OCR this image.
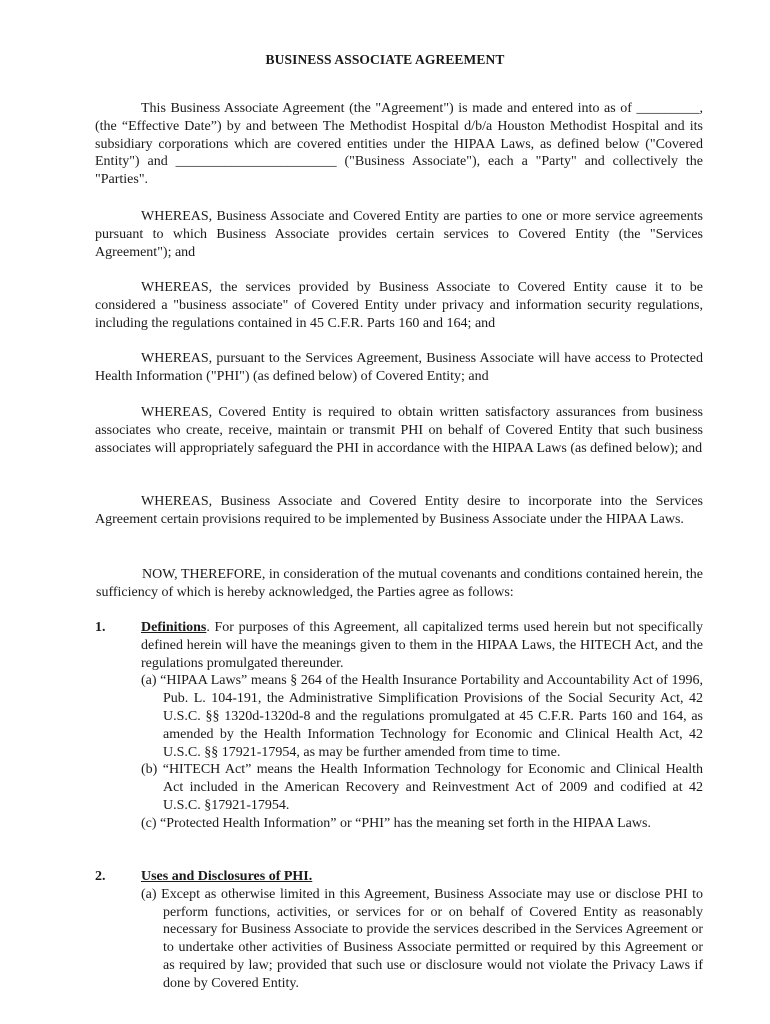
BUSINESS ASSOCIATE AGREEMENT

This Business Associate Agreement (the "Agreement") is made and entered into as of _________, (the “Effective Date”) by and between The Methodist Hospital d/b/a Houston Methodist Hospital and its subsidiary corporations which are covered entities under the HIPAA Laws, as defined below ("Covered Entity") and _______________________ ("Business Associate"), each a "Party" and collectively the "Parties".

WHEREAS, Business Associate and Covered Entity are parties to one or more service agreements pursuant to which Business Associate provides certain services to Covered Entity (the "Services Agreement"); and

WHEREAS, the services provided by Business Associate to Covered Entity cause it to be considered a "business associate" of Covered Entity under privacy and information security regulations, including the regulations contained in 45 C.F.R. Parts 160 and 164; and

WHEREAS, pursuant to the Services Agreement, Business Associate will have access to Protected Health Information ("PHI") (as defined below) of Covered Entity; and

WHEREAS, Covered Entity is required to obtain written satisfactory assurances from business associates who create, receive, maintain or transmit PHI on behalf of Covered Entity that such business associates will appropriately safeguard the PHI in accordance with the HIPAA Laws (as defined below); and

WHEREAS, Business Associate and Covered Entity desire to incorporate into the Services Agreement certain provisions required to be implemented by Business Associate under the HIPAA Laws.

NOW, THEREFORE, in consideration of the mutual covenants and conditions contained herein, the sufficiency of which is hereby acknowledged, the Parties agree as follows:

1.	Definitions. For purposes of this Agreement, all capitalized terms used herein but not specifically defined herein will have the meanings given to them in the HIPAA Laws, the HITECH Act, and the regulations promulgated thereunder.
(a) “HIPAA Laws” means § 264 of the Health Insurance Portability and Accountability Act of 1996, Pub. L. 104-191, the Administrative Simplification Provisions of the Social Security Act, 42 U.S.C. §§ 1320d-1320d-8 and the regulations promulgated at 45 C.F.R. Parts 160 and 164, as amended by the Health Information Technology for Economic and Clinical Health Act, 42 U.S.C. §§ 17921-17954, as may be further amended from time to time.
(b) “HITECH Act” means the Health Information Technology for Economic and Clinical Health Act included in the American Recovery and Reinvestment Act of 2009 and codified at 42 U.S.C. §17921-17954.
(c) “Protected Health Information” or “PHI” has the meaning set forth in the HIPAA Laws.
2.	Uses and Disclosures of PHI.
(a) Except as otherwise limited in this Agreement, Business Associate may use or disclose PHI to perform functions, activities, or services for or on behalf of Covered Entity as reasonably necessary for Business Associate to provide the services described in the Services Agreement or to undertake other activities of Business Associate permitted or required by this Agreement or as required by law; provided that such use or disclosure would not violate the Privacy Laws if done by Covered Entity.
